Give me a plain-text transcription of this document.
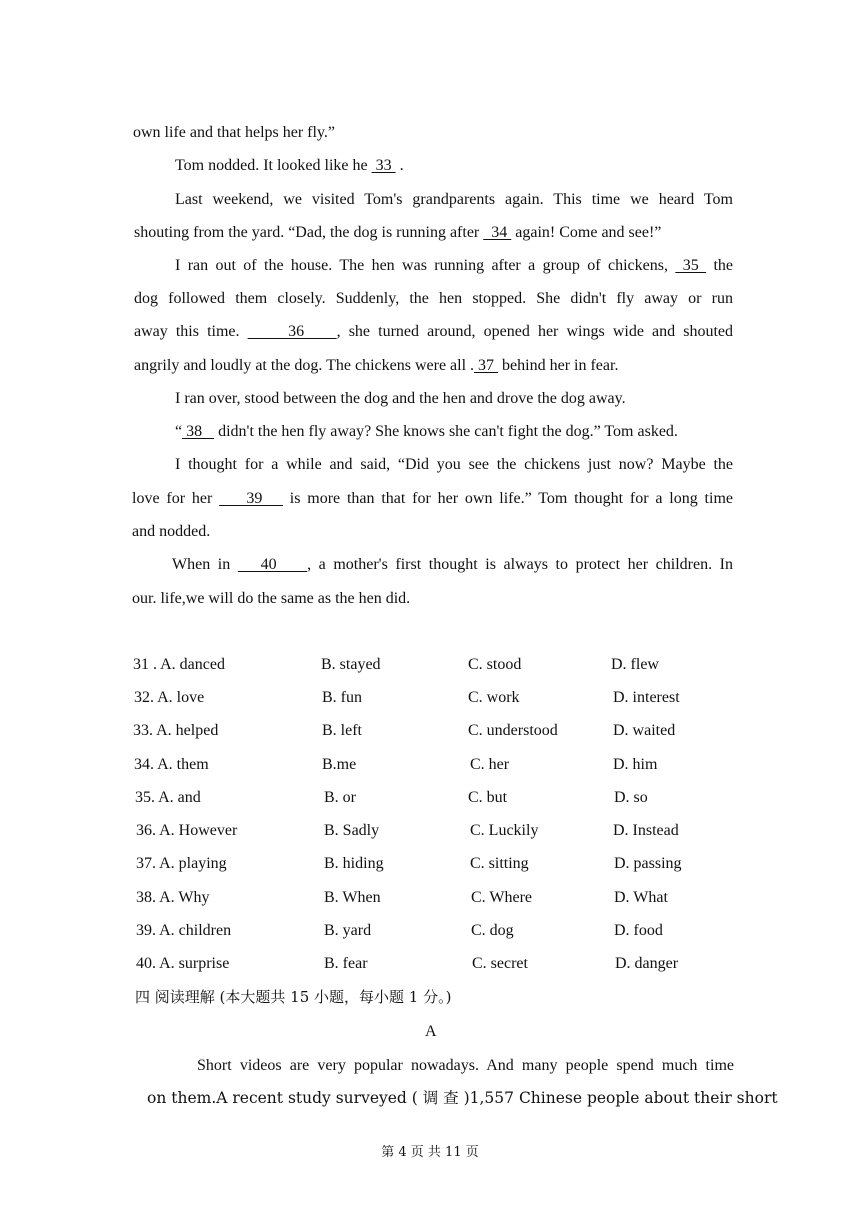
own life and that helps her fly.”
Tom nodded. It looked like he  33  .
Last weekend, we visited Tom's grandparents again. This time we heard Tom
shouting from the yard. “Dad, the dog is running after   34  again! Come and see!”
I ran out of the house. The hen was running after a group of chickens,  35  the
dog followed them closely. Suddenly, the hen stopped. She didn't fly away or run
away this time.      36    , she turned around, opened her wings wide and shouted
angrily and loudly at the dog. The chickens were all . 37  behind her in fear.
I ran over, stood between the dog and the hen and drove the dog away.
“ 38    didn't the hen fly away? She knows she can't fight the dog.” Tom asked.
I thought for a while and said, “Did you see the chickens just now? Maybe the
love for her     39    is more than that for her own life.” Tom thought for a long time
and nodded.
When in    40    , a mother's first thought is always to protect her children. In
our. life,we will do the same as the hen did.
31 . A. danced	B. stayed	C. stood	D. flew
32. A. love	B. fun	C. work	D. interest
33. A. helped	B. left	C. understood	D. waited
34. A. them	B.me	C. her	D. him
35. A. and	B. or	C. but	D. so
36. A. However	B. Sadly	C. Luckily	D. Instead
37. A. playing	B. hiding	C. sitting	D. passing
38. A. Why	B. When	C. Where	D. What
39. A. children	B. yard	C. dog	D. food
40. A. surprise	B. fear	C. secret	D. danger
四 阅读理解 (本大题共 15 小题，每小题 1 分。)
A
Short videos are very popular nowadays. And many people spend much time
on them.A recent study surveyed ( 调 查 )1,557 Chinese people about their short
第 4 页 共 11 页
